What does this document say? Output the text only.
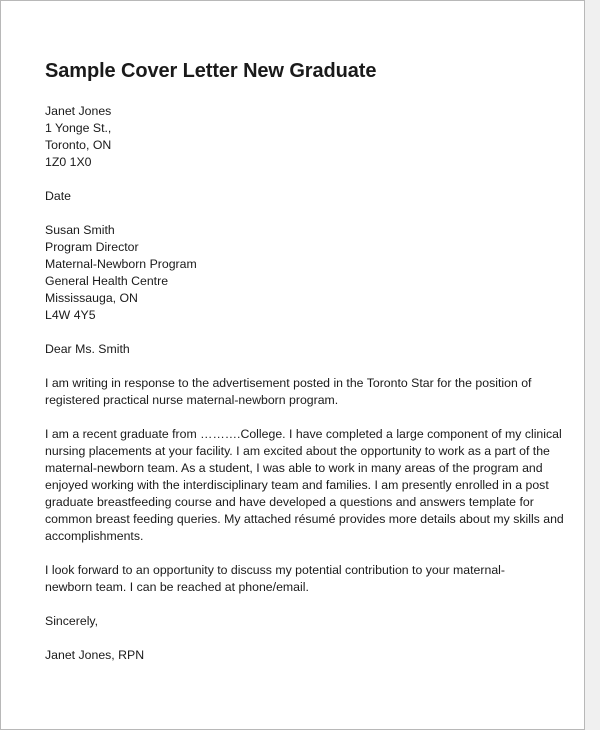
Sample Cover Letter New Graduate
Janet Jones
1 Yonge St.,
Toronto, ON
1Z0 1X0
Date
Susan Smith
Program Director
Maternal-Newborn Program
General Health Centre
Mississauga, ON
L4W 4Y5
Dear Ms. Smith
I am writing in response to the advertisement posted in the Toronto Star for the position of
registered practical nurse maternal-newborn program.
I am a recent graduate from ……….College. I have completed a large component of my clinical
nursing placements at your facility. I am excited about the opportunity to work as a part of the
maternal-newborn team. As a student, I was able to work in many areas of the program and
enjoyed working with the interdisciplinary team and families. I am presently enrolled in a post
graduate breastfeeding course and have developed a questions and answers template for
common breast feeding queries. My attached résumé provides more details about my skills and
accomplishments.
I look forward to an opportunity to discuss my potential contribution to your maternal-
newborn team. I can be reached at phone/email.
Sincerely,
Janet Jones, RPN
